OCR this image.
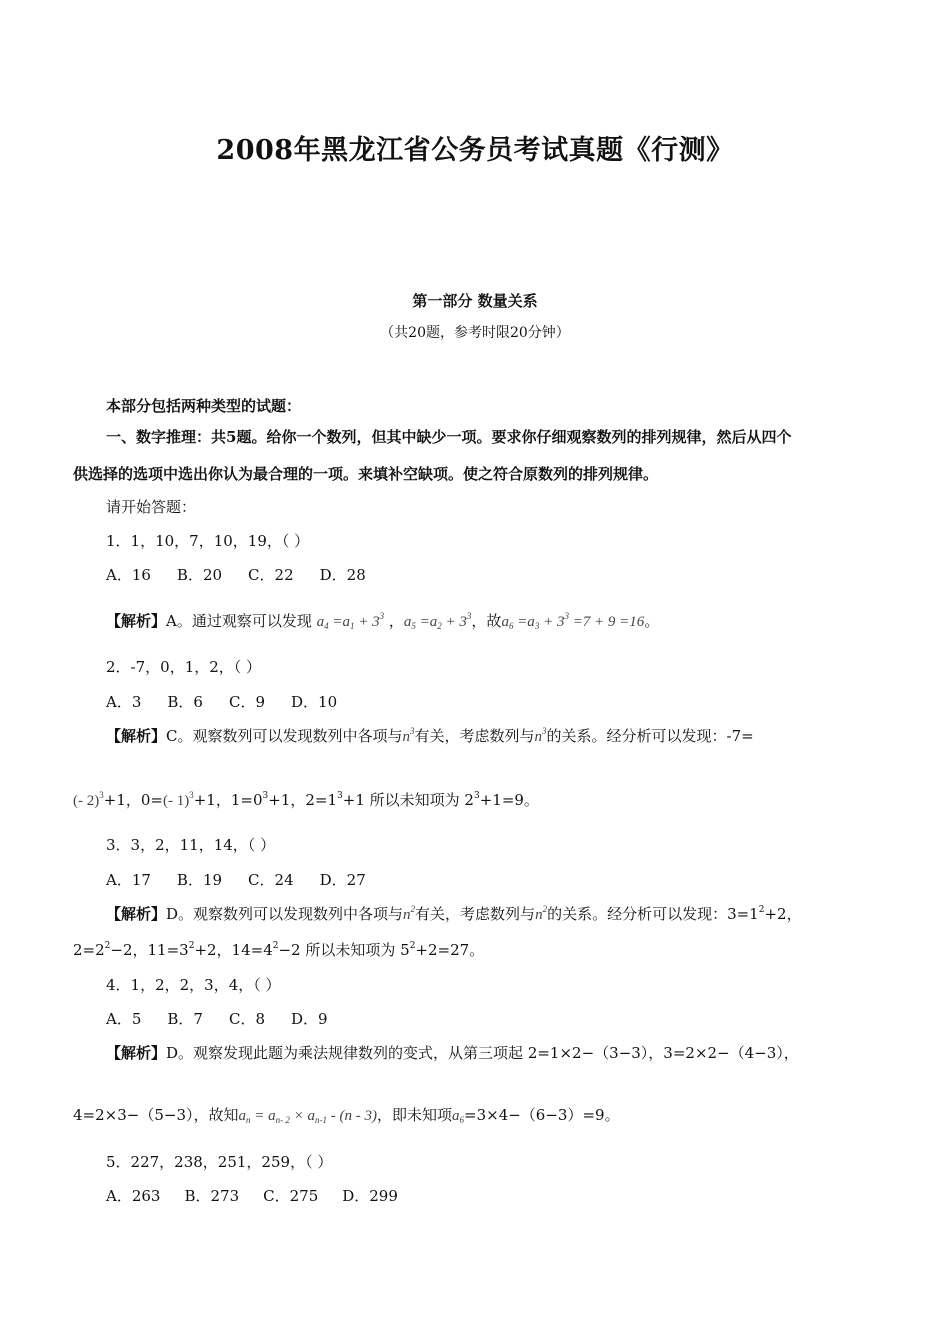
2008年黑龙江省公务员考试真题《行测》
第一部分 数量关系
（共20题，参考时限20分钟）
本部分包括两种类型的试题：
一、数字推理：共5题。给你一个数列，但其中缺少一项。要求你仔细观察数列的排列规律，然后从四个
供选择的选项中选出你认为最合理的一项。来填补空缺项。使之符合原数列的排列规律。
请开始答题：
1．1，10，7，10，19，（ ）
A．16 B．20 C．22 D．28
【解析】A。通过观察可以发现 $a_4 =a_1 + 3^3$ ，$a_5 =a_2 + 3^3$，故$a_6 =a_3 + 3^3 =7 + 9 =16$。
2．-7，0，1，2，（ ）
A．3 B．6 C．9 D．10
【解析】C。观察数列可以发现数列中各项与$n^3$有关，考虑数列与$n^3$的关系。经分析可以发现：-7=
(- 2)$^3$+1，0=(- 1)$^3$+1，$1=0^3+1$，$2=1^3+1$ 所以未知项为 $2^3+1=9$。
3．3，2，11，14，（ ）
A．17 B．19 C．24 D．27
【解析】D。观察数列可以发现数列中各项与$n^2$有关，考虑数列与$n^2$的关系。经分析可以发现：$3=1^2+2$，
$2=2^2-2$，$11=3^2+2$，$14=4^2-2$ 所以未知项为 $5^2+2=27$。
4．1，2，2，3，4，（ ）
A．5 B．7 C．8 D．9
【解析】D。观察发现此题为乘法规律数列的变式，从第三项起 2=1×2−（3−3），3=2×2−（4−3），
4=2×3−（5−3），故知$a_n = a_{n- 2} \times a_{n-1} - (n - 3)$，即未知项$a_6=3\times 4-(6-3)=9$。
5．227，238，251，259，（ ）
A．263 B．273 C．275 D．299
